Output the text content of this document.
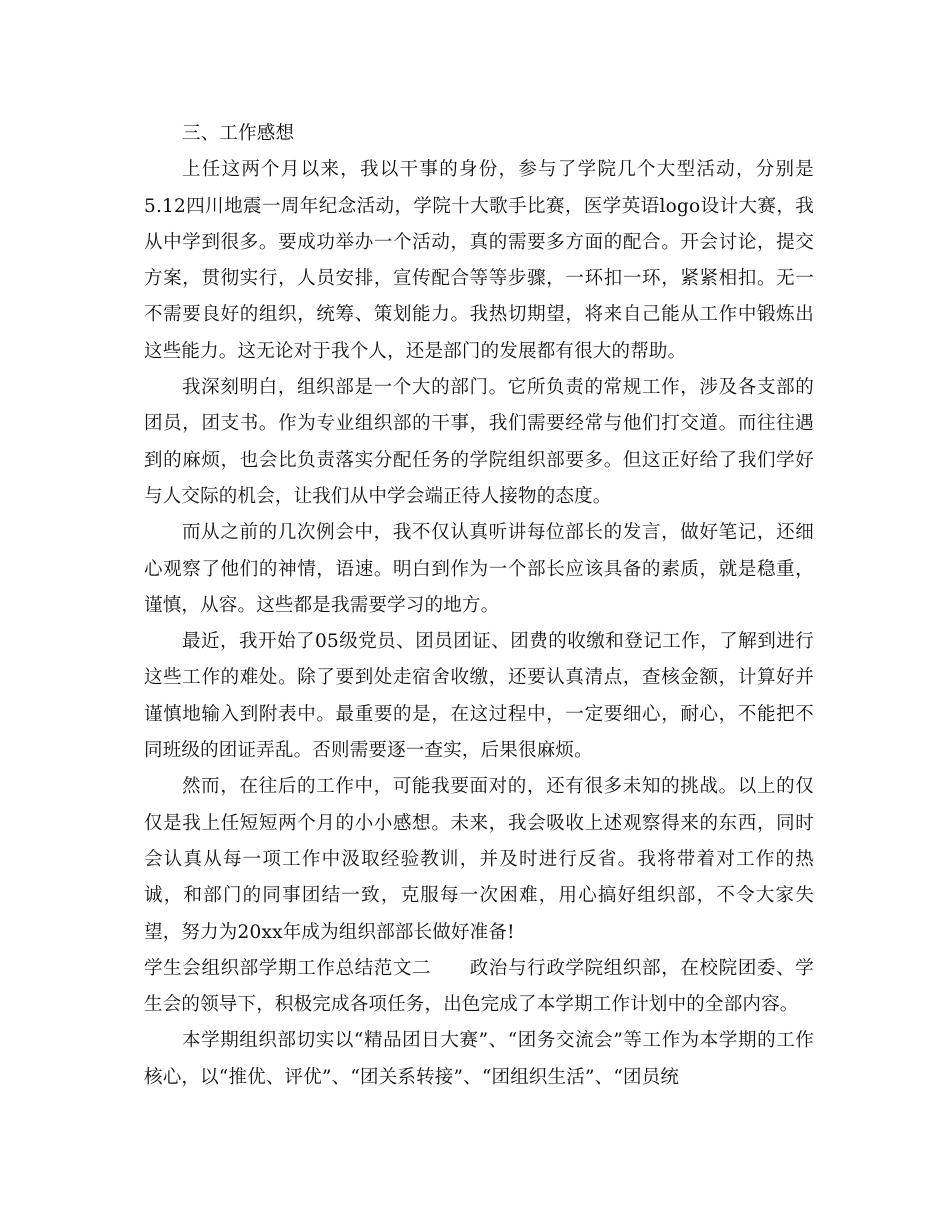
三、工作感想

上任这两个月以来，我以干事的身份，参与了学院几个大型活动，分别是5.12四川地震一周年纪念活动，学院十大歌手比赛，医学英语logo设计大赛，我从中学到很多。要成功举办一个活动，真的需要多方面的配合。开会讨论，提交方案，贯彻实行，人员安排，宣传配合等等步骤，一环扣一环，紧紧相扣。无一不需要良好的组织，统筹、策划能力。我热切期望，将来自己能从工作中锻炼出这些能力。这无论对于我个人，还是部门的发展都有很大的帮助。

我深刻明白，组织部是一个大的部门。它所负责的常规工作，涉及各支部的团员，团支书。作为专业组织部的干事，我们需要经常与他们打交道。而往往遇到的麻烦，也会比负责落实分配任务的学院组织部要多。但这正好给了我们学好与人交际的机会，让我们从中学会端正待人接物的态度。

而从之前的几次例会中，我不仅认真听讲每位部长的发言，做好笔记，还细心观察了他们的神情，语速。明白到作为一个部长应该具备的素质，就是稳重，谨慎，从容。这些都是我需要学习的地方。

最近，我开始了05级党员、团员团证、团费的收缴和登记工作，了解到进行这些工作的难处。除了要到处走宿舍收缴，还要认真清点，查核金额，计算好并谨慎地输入到附表中。最重要的是，在这过程中，一定要细心，耐心，不能把不同班级的团证弄乱。否则需要逐一查实，后果很麻烦。

然而，在往后的工作中，可能我要面对的，还有很多未知的挑战。以上的仅仅是我上任短短两个月的小小感想。未来，我会吸收上述观察得来的东西，同时会认真从每一项工作中汲取经验教训，并及时进行反省。我将带着对工作的热诚，和部门的同事团结一致，克服每一次困难，用心搞好组织部，不令大家失望，努力为20xx年成为组织部部长做好准备!

学生会组织部学期工作总结范文二 政治与行政学院组织部，在校院团委、学生会的领导下，积极完成各项任务，出色完成了本学期工作计划中的全部内容。

本学期组织部切实以“精品团日大赛”、“团务交流会”等工作为本学期的工作核心，以“推优、评优”、“团关系转接”、“团组织生活”、“团员统
